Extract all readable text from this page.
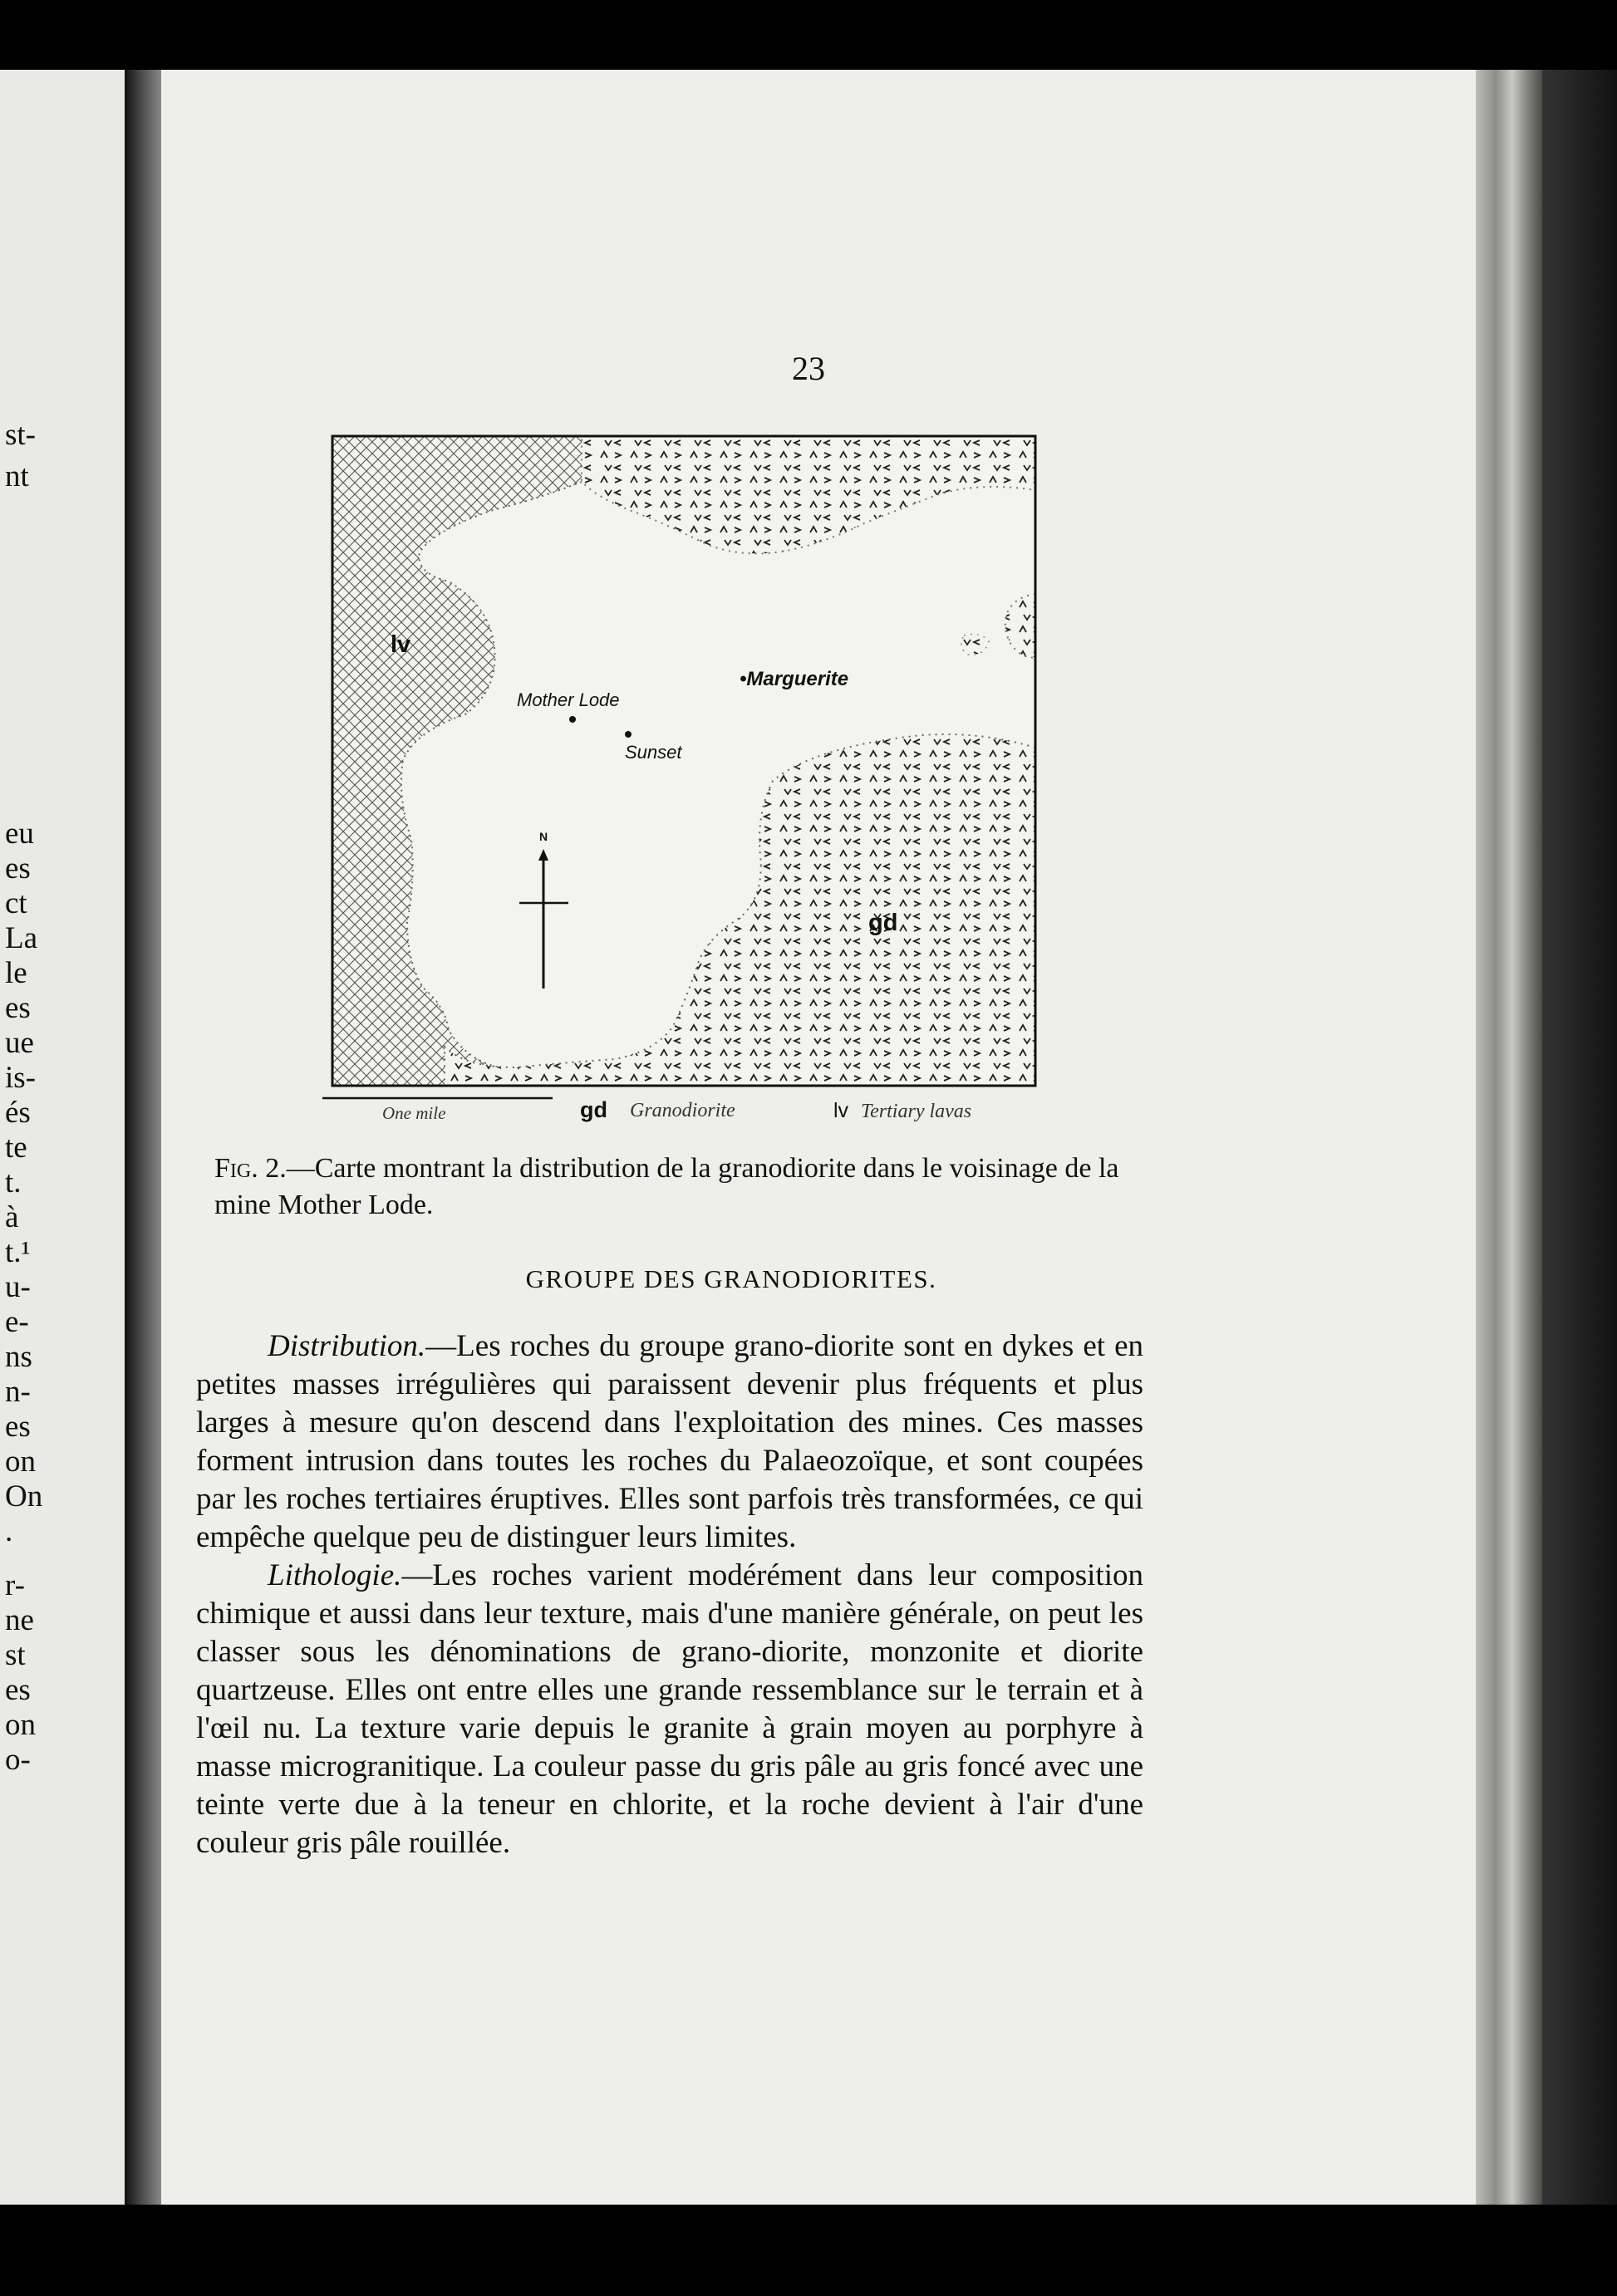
st-
nt
eu
es
ct
La
le
es
ue
is-
és
te
t.
à
t.¹
u-
e-
ns
n-
es
on
On
.
r-
ne
st
es
on
o-
23
lv
gd
•Marguerite
Mother Lode
Sunset
N
One mile	gd Granodiorite	lv Tertiary lavas

Fig. 2.—Carte montrant la distribution de la granodiorite dans le voisinage de la mine Mother Lode.

GROUPE DES GRANODIORITES.

Distribution.—Les roches du groupe grano-diorite sont en dykes et en petites masses irrégulières qui paraissent devenir plus fréquents et plus larges à mesure qu'on descend dans l'exploitation des mines. Ces masses forment intrusion dans toutes les roches du Palaeozoïque, et sont coupées par les roches tertiaires éruptives. Elles sont parfois très transformées, ce qui empêche quelque peu de distinguer leurs limites.

Lithologie.—Les roches varient modérément dans leur composition chimique et aussi dans leur texture, mais d'une manière générale, on peut les classer sous les dénominations de grano-diorite, monzonite et diorite quartzeuse. Elles ont entre elles une grande ressemblance sur le terrain et à l'œil nu. La texture varie depuis le granite à grain moyen au porphyre à masse microgranitique. La couleur passe du gris pâle au gris foncé avec une teinte verte due à la teneur en chlorite, et la roche devient à l'air d'une couleur gris pâle rouillée.
